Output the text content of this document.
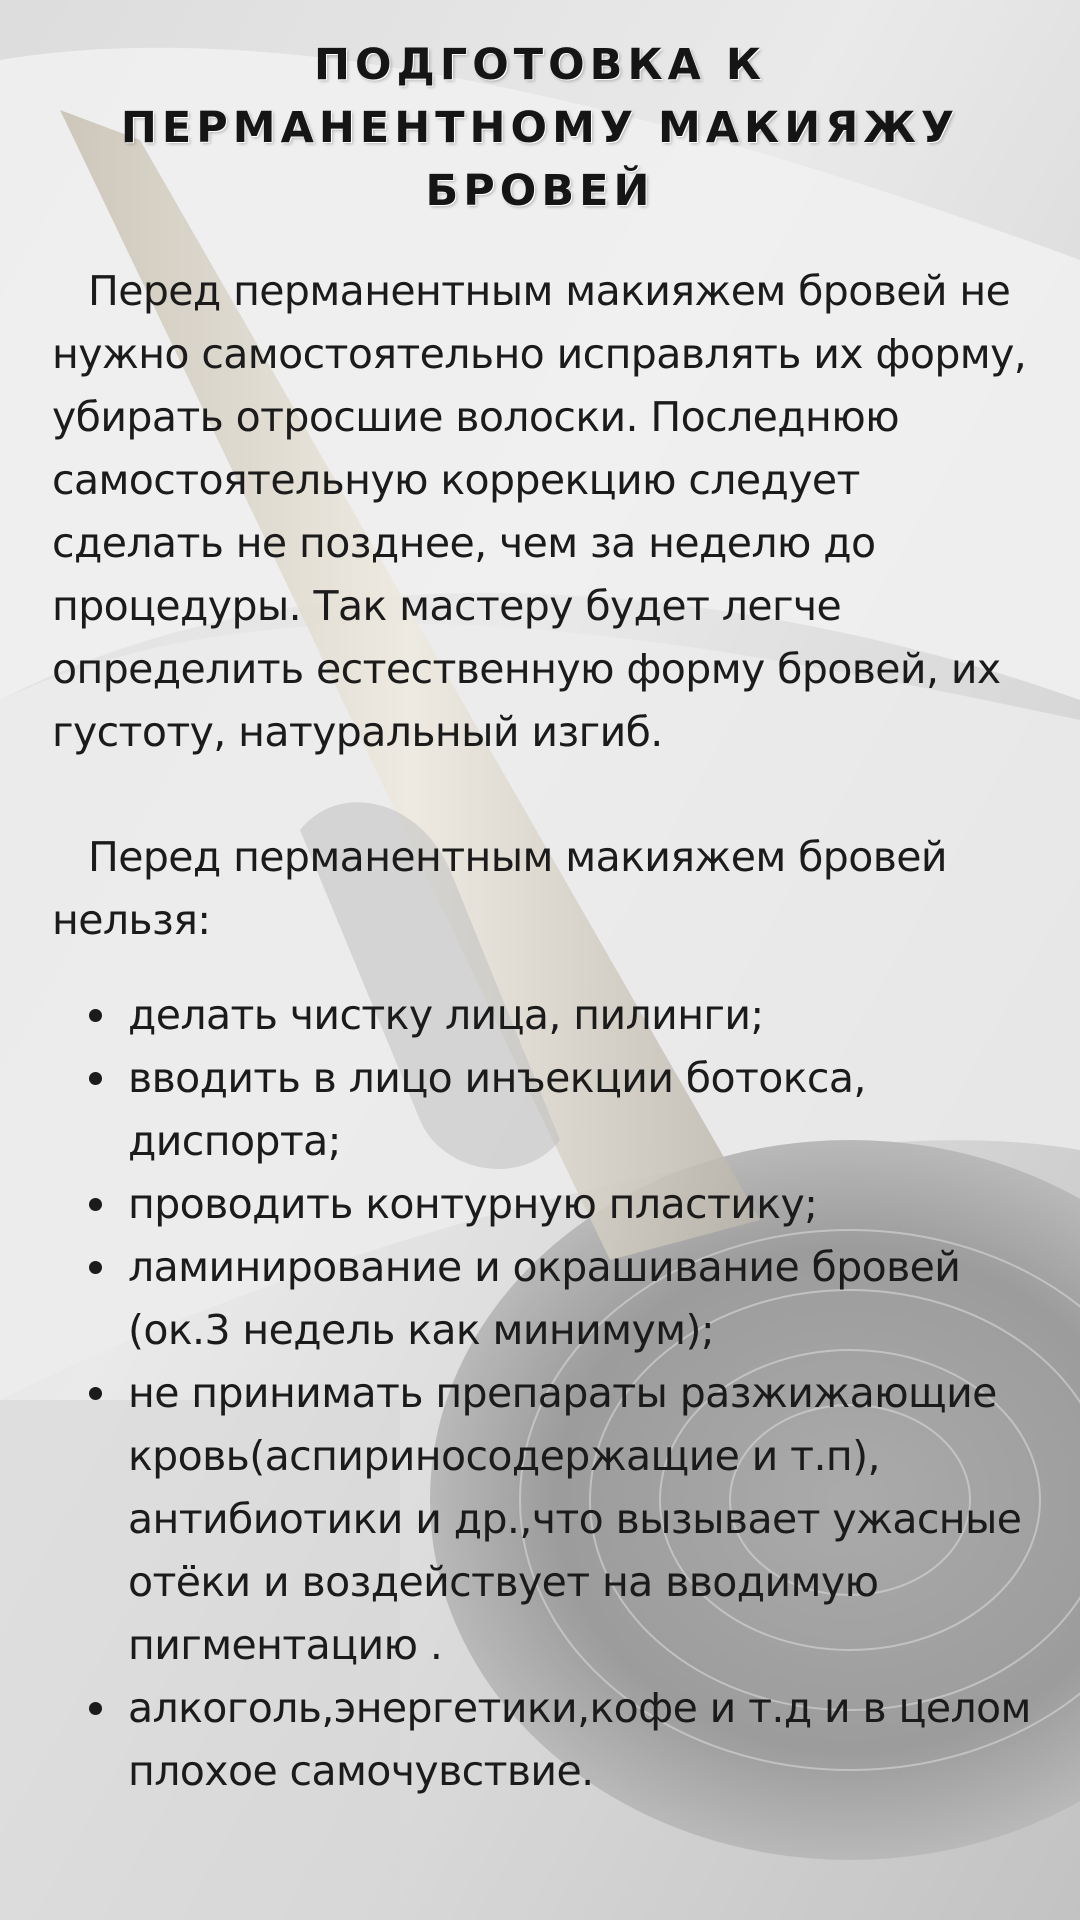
ПОДГОТОВКА К
ПЕРМАНЕНТНОМУ МАКИЯЖУ
БРОВЕЙ

Перед перманентным макияжем бровей не
нужно самостоятельно исправлять их форму,
убирать отросшие волоски. Последнюю
самостоятельную коррекцию следует
сделать не позднее, чем за неделю до
процедуры. Так мастеру будет легче
определить естественную форму бровей, их
густоту, натуральный изгиб.

Перед перманентным макияжем бровей
нельзя:

делать чистку лица, пилинги;
вводить в лицо инъекции ботокса,
диспорта;
проводить контурную пластику;
ламинирование и окрашивание бровей
(ок.3 недель как минимум);
не принимать препараты разжижающие
кровь(аспириносодержащие и т.п),
антибиотики и др.,что вызывает ужасные
отёки и воздействует на вводимую
пигментацию .
алкоголь,энергетики,кофе и т.д и в целом
плохое самочувствие.
